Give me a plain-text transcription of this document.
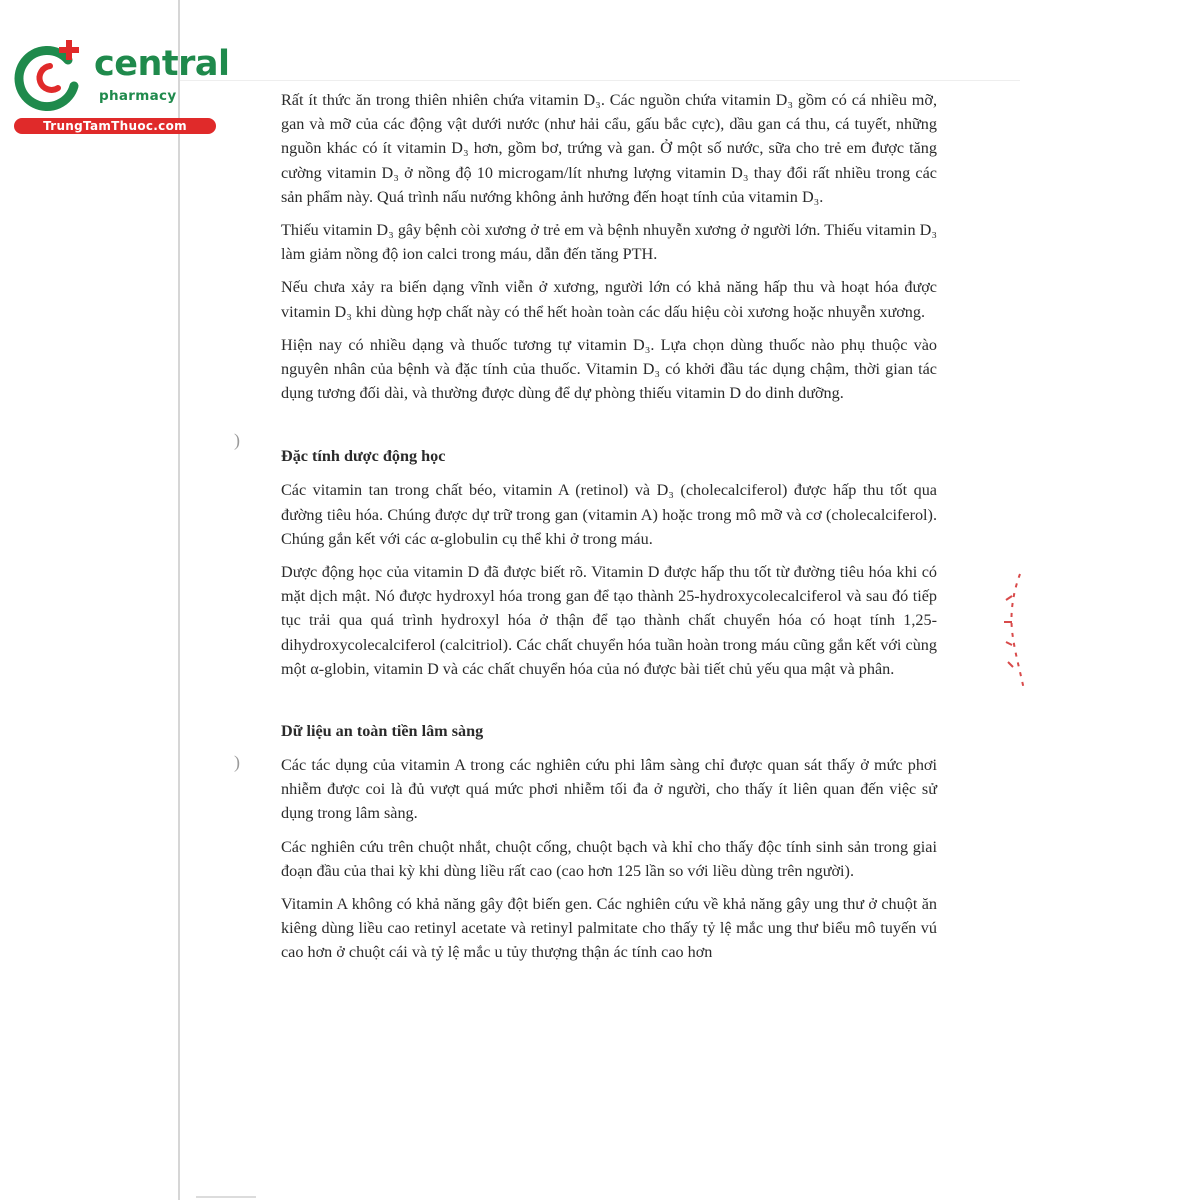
central
pharmacy
TrungTamThuoc.com

Rất ít thức ăn trong thiên nhiên chứa vitamin D₃. Các nguồn chứa vitamin D₃ gồm có cá nhiều mỡ, gan và mỡ của các động vật dưới nước (như hải cẩu, gấu bắc cực), dầu gan cá thu, cá tuyết, những nguồn khác có ít vitamin D₃ hơn, gồm bơ, trứng và gan. Ở một số nước, sữa cho trẻ em được tăng cường vitamin D₃ ở nồng độ 10 microgam/lít nhưng lượng vitamin D₃ thay đổi rất nhiều trong các sản phẩm này. Quá trình nấu nướng không ảnh hưởng đến hoạt tính của vitamin D₃.

Thiếu vitamin D₃ gây bệnh còi xương ở trẻ em và bệnh nhuyễn xương ở người lớn. Thiếu vitamin D₃ làm giảm nồng độ ion calci trong máu, dẫn đến tăng PTH.

Nếu chưa xảy ra biến dạng vĩnh viễn ở xương, người lớn có khả năng hấp thu và hoạt hóa được vitamin D₃ khi dùng hợp chất này có thể hết hoàn toàn các dấu hiệu còi xương hoặc nhuyễn xương.

Hiện nay có nhiều dạng và thuốc tương tự vitamin D₃. Lựa chọn dùng thuốc nào phụ thuộc vào nguyên nhân của bệnh và đặc tính của thuốc. Vitamin D₃ có khởi đầu tác dụng chậm, thời gian tác dụng tương đối dài, và thường được dùng để dự phòng thiếu vitamin D do dinh dưỡng.

Đặc tính dược động học

Các vitamin tan trong chất béo, vitamin A (retinol) và D₃ (cholecalciferol) được hấp thu tốt qua đường tiêu hóa. Chúng được dự trữ trong gan (vitamin A) hoặc trong mô mỡ và cơ (cholecalciferol). Chúng gắn kết với các α-globulin cụ thể khi ở trong máu.

Dược động học của vitamin D đã được biết rõ. Vitamin D được hấp thu tốt từ đường tiêu hóa khi có mặt dịch mật. Nó được hydroxyl hóa trong gan để tạo thành 25-hydroxycolecalciferol và sau đó tiếp tục trải qua quá trình hydroxyl hóa ở thận để tạo thành chất chuyển hóa có hoạt tính 1,25-dihydroxycolecalciferol (calcitriol). Các chất chuyển hóa tuần hoàn trong máu cũng gắn kết với cùng một α-globin, vitamin D và các chất chuyển hóa của nó được bài tiết chủ yếu qua mật và phân.

Dữ liệu an toàn tiền lâm sàng

Các tác dụng của vitamin A trong các nghiên cứu phi lâm sàng chỉ được quan sát thấy ở mức phơi nhiễm được coi là đủ vượt quá mức phơi nhiễm tối đa ở người, cho thấy ít liên quan đến việc sử dụng trong lâm sàng.

Các nghiên cứu trên chuột nhắt, chuột cống, chuột bạch và khỉ cho thấy độc tính sinh sản trong giai đoạn đầu của thai kỳ khi dùng liều rất cao (cao hơn 125 lần so với liều dùng trên người).

Vitamin A không có khả năng gây đột biến gen. Các nghiên cứu về khả năng gây ung thư ở chuột ăn kiêng dùng liều cao retinyl acetate và retinyl palmitate cho thấy tỷ lệ mắc ung thư biểu mô tuyến vú cao hơn ở chuột cái và tỷ lệ mắc u tủy thượng thận ác tính cao hơn

)
)
